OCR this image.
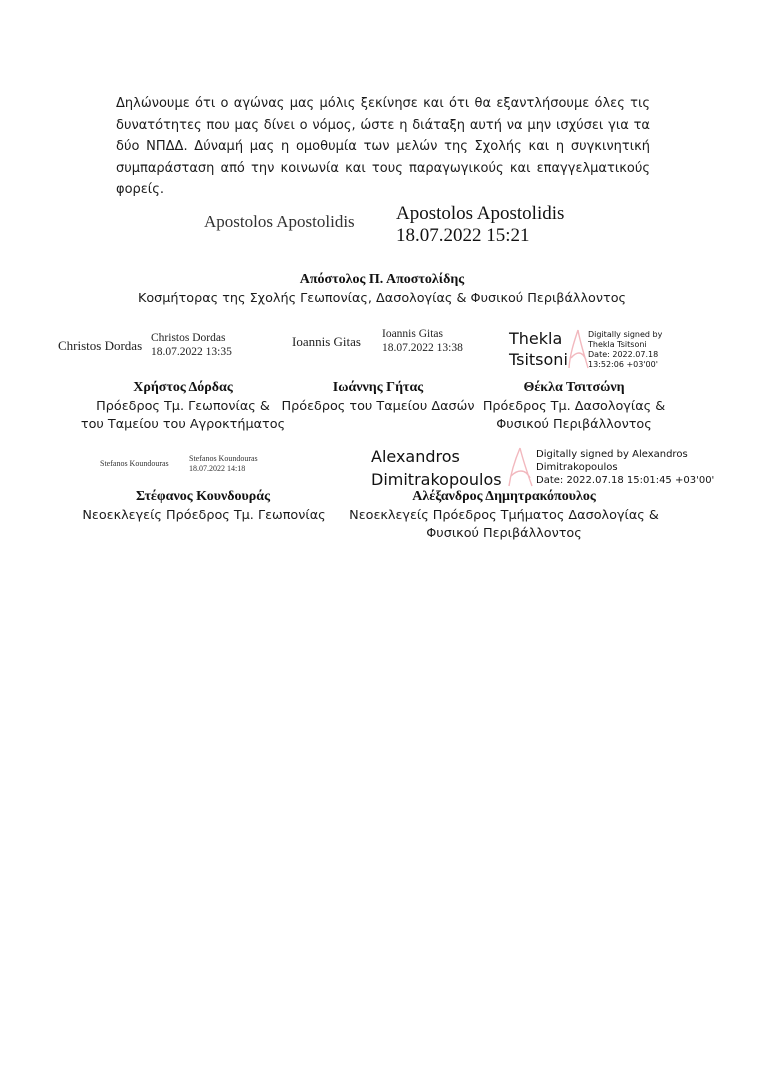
Δηλώνουμε ότι ο αγώνας μας μόλις ξεκίνησε και ότι θα εξαντλήσουμε όλες τις δυνατότητες που μας δίνει ο νόμος, ώστε η διάταξη αυτή να μην ισχύσει για τα δύο ΝΠΔΔ. Δύναμή μας η ομοθυμία των μελών της Σχολής και η συγκινητική συμπαράσταση από την κοινωνία και τους παραγωγικούς και επαγγελματικούς φορείς.
Apostolos Apostolidis Apostolos Apostolidis
18.07.2022 15:21
Απόστολος Π. Αποστολίδης
Κοσμήτορας της Σχολής Γεωπονίας, Δασολογίας & Φυσικού Περιβάλλοντος
Christos Dordas Christos Dordas
18.07.2022 13:35
Ioannis Gitas Ioannis Gitas
18.07.2022 13:38	Thekla
Tsitsoni
Digitally signed by
Thekla Tsitsoni
Date: 2022.07.18
13:52:06 +03'00'
Χρήστος Δόρδας
Πρόεδρος Τμ. Γεωπονίας &
του Ταμείου του Αγροκτήματος
Ιωάννης Γήτας
Πρόεδρος του Ταμείου Δασών
Θέκλα Τσιτσώνη
Πρόεδρος Τμ. Δασολογίας &
Φυσικού Περιβάλλοντος
Stefanos Koundouras
Stefanos Koundouras
18.07.2022 14:18
Alexandros
Dimitrakopoulos
Digitally signed by Alexandros
Dimitrakopoulos
Date: 2022.07.18 15:01:45 +03'00'
Στέφανος Κουνδουράς
Νεοεκλεγείς Πρόεδρος Τμ. Γεωπονίας
Αλέξανδρος Δημητρακόπουλος
Νεοεκλεγείς Πρόεδρος Τμήματος Δασολογίας &
Φυσικού Περιβάλλοντος
